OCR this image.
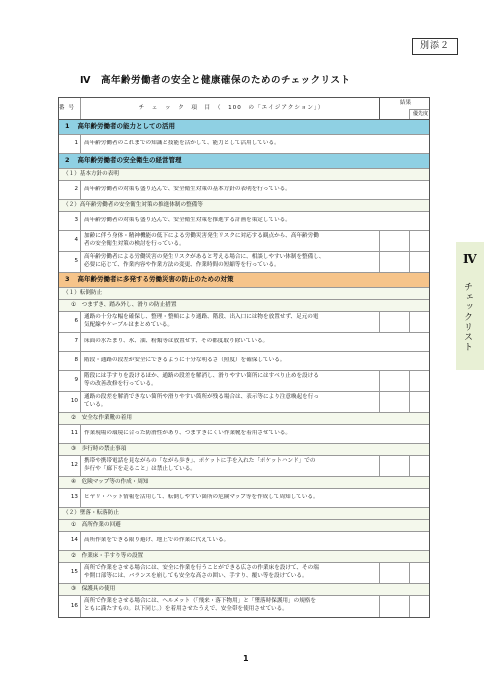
別添２
Ⅳ 高年齢労働者の安全と健康確保のためのチェックリスト
Ⅳ
チェックリスト
番号	チ　ェ　ッ　ク　項　目　（　100　の「エイジアクション」）
結果
優先度
1 高年齢労働者の能力としての活用
1	高年齢労働者のこれまでの知識と技能を活かして、能力として活用している。
2 高年齢労働者の安全衛生の経営管理
（１）基本方針の表明
2	高年齢労働者の対策も盛り込んで、安全衛生対策の基本方針の表明を行っている。
（２）高年齢労働者の安全衛生対策の推進体制の整備等
3	高年齢労働者の対策も盛り込んで、安全衛生対策を推進する計画を策定している。
4
加齢に伴う身体・精神機能の低下による労働災害発生リスクに対応する観点から、高年齢労働
者の安全衛生対策の検討を行っている。
5
高年齢労働者による労働災害の発生リスクがあると考える場合に、相談しやすい体制を整備し、
必要に応じて、作業内容や作業方法の変更、作業時間の短縮等を行っている。
3 高年齢労働者に多発する労働災害の防止のための対策
（１）転倒防止
①　つまずき、踏み外し、滑りの防止措置
6
通路の十分な幅を確保し、整理・整頓により通路、階段、出入口には物を放置せず、足元の電
気配線やケーブルはまとめている。
7	床面の水たまり、氷、油、粉類等は放置せず、その都度取り除いている。
8	階段・通路の段差が安全にできるように十分な明るさ（照度）を確保している。
9
階段には手すりを設けるほか、通路の段差を解消し、滑りやすい箇所にはすべり止めを設ける
等の改善改修を行っている。
10
通路の段差を解消できない箇所や滑りやすい箇所が残る場合は、表示等により注意喚起を行っ
ている。
②　安全な作業靴の着用
11	作業現場の環境に合った防滑性があり、つまずきにくい作業靴を着用させている。
③　歩行時の禁止事項
12
携帯や携帯電話を見ながらの「ながら歩き」、ポケットに手を入れた「ポケットハンド」での
歩行や「廊下を走ること」は禁止している。
④　危険マップ等の作成・周知
13	ヒヤリ・ハット情報を活用して、転倒しやすい箇所の危険マップ等を作成して周知している。
（２）墜落・転落防止
①　高所作業の回避
14	高所作業をできる限り避け、地上での作業に代えている。
②　作業床・手すり等の設置
15
高所で作業をさせる場合には、安全に作業を行うことができる広さの作業床を設けて、その端
や開口部等には、バランスを崩しても安全な高さの囲い、手すり、覆い等を設けている。
③　保護具の使用
16
高所で作業をさせる場合には、ヘルメット（「飛来・落下物用」と「墜落時保護用」の規格を
ともに満たすもの。以下同じ。）を着用させたうえで、安全帯を使用させている。
1
